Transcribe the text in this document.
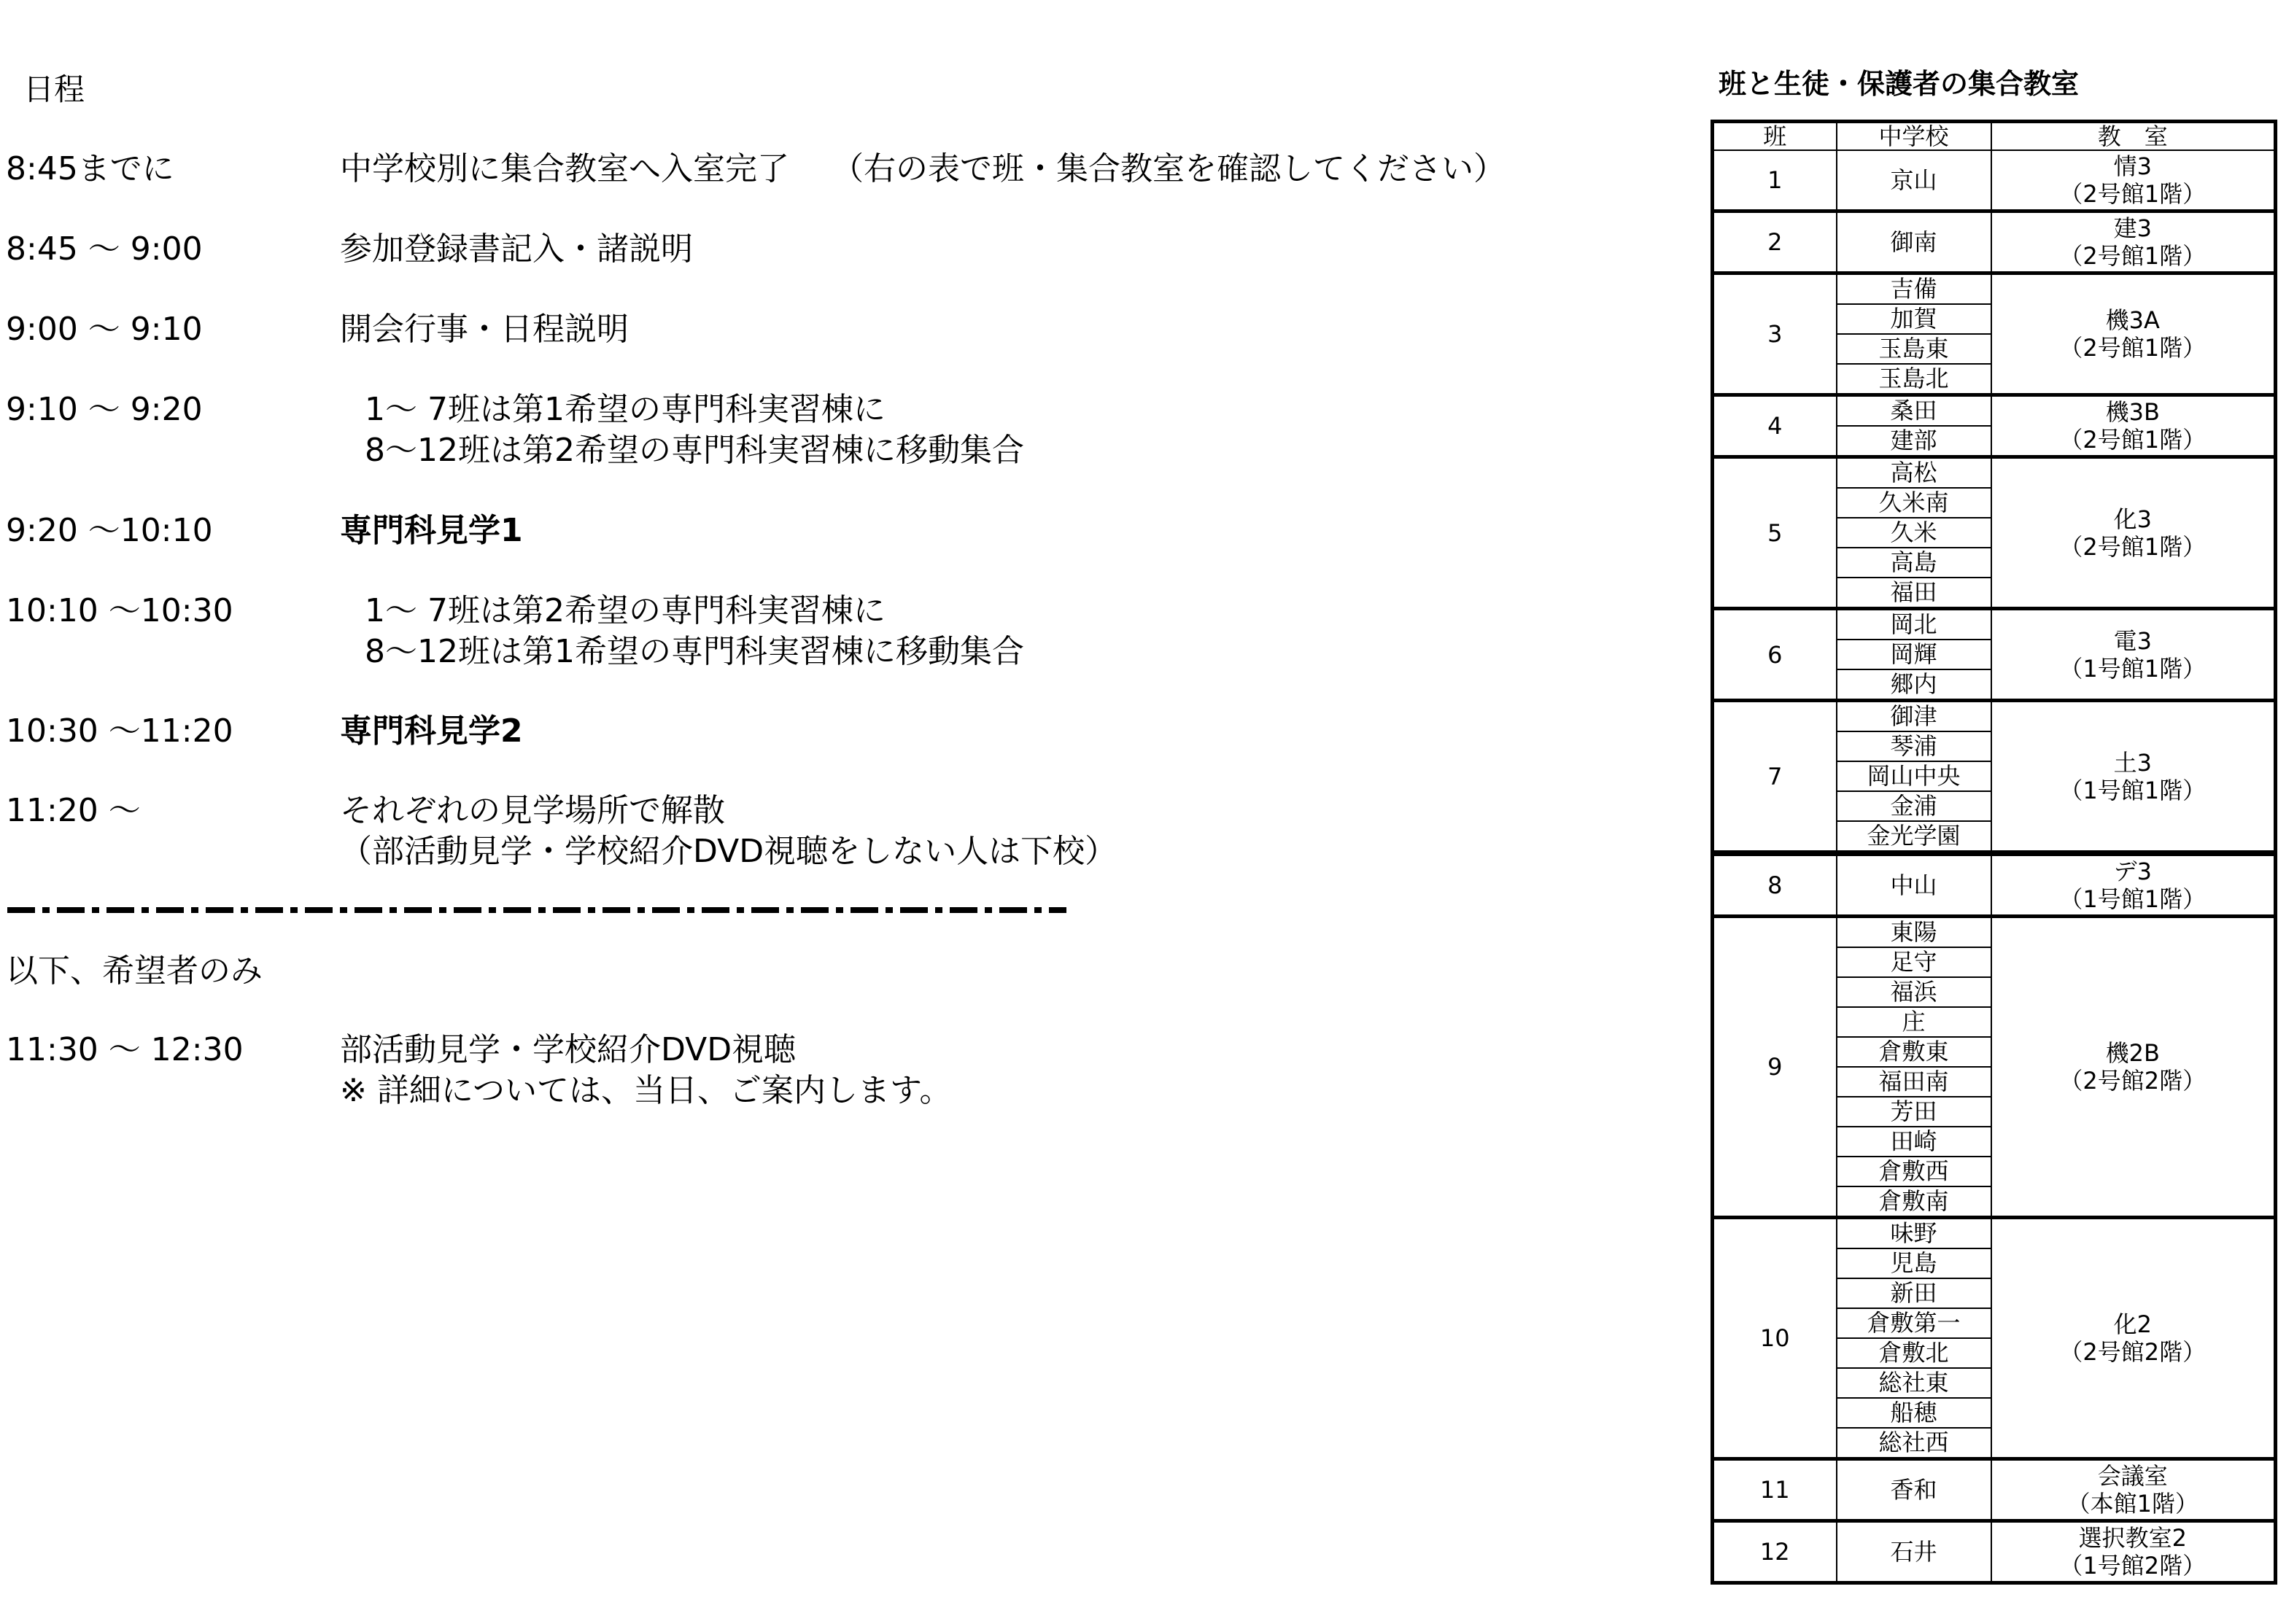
日程
8:45までに	中学校別に集合教室へ入室完了　 （右の表で班・集合教室を確認してください）
8:45 ～ 9:00	参加登録書記入・諸説明
9:00 ～ 9:10	開会行事・日程説明
9:10 ～ 9:20	1～ 7班は第1希望の専門科実習棟に
8～12班は第2希望の専門科実習棟に移動集合
9:20 ～10:10	専門科見学1
10:10 ～10:30	1～ 7班は第2希望の専門科実習棟に
8～12班は第1希望の専門科実習棟に移動集合
10:30 ～11:20	専門科見学2
11:20 ～	それぞれの見学場所で解散
（部活動見学・学校紹介DVD視聴をしない人は下校）
以下、希望者のみ
11:30 ～ 12:30	部活動見学・学校紹介DVD視聴
※ 詳細については、当日、ご案内します。
班と生徒・保護者の集合教室
班	中学校	教　室
1	京山	情3
（2号館1階）

2	御南	建3
（2号館1階）

3	吉備	機3A
（2号館1階）

	加賀	
	玉島東	
	玉島北	
4	桑田	機3B
（2号館1階）

	建部	
5	高松	化3
（2号館1階）

	久米南	
	久米	
	高島	
	福田	
6	岡北	電3
（1号館1階）

	岡輝	
	郷内	
7	御津	土3
（1号館1階）

	琴浦	
	岡山中央	
	金浦	
	金光学園	
8	中山	デ3
（1号館1階）

9	東陽	機2B
（2号館2階）

	足守	
	福浜	
	庄	
	倉敷東	
	福田南	
	芳田	
	田崎	
	倉敷西	
	倉敷南	
10	味野	化2
（2号館2階）

	児島	
	新田	
	倉敷第一	
	倉敷北	
	総社東	
	船穂	
	総社西	
11	香和	会議室
（本館1階）

12	石井	選択教室2
（1号館2階）
